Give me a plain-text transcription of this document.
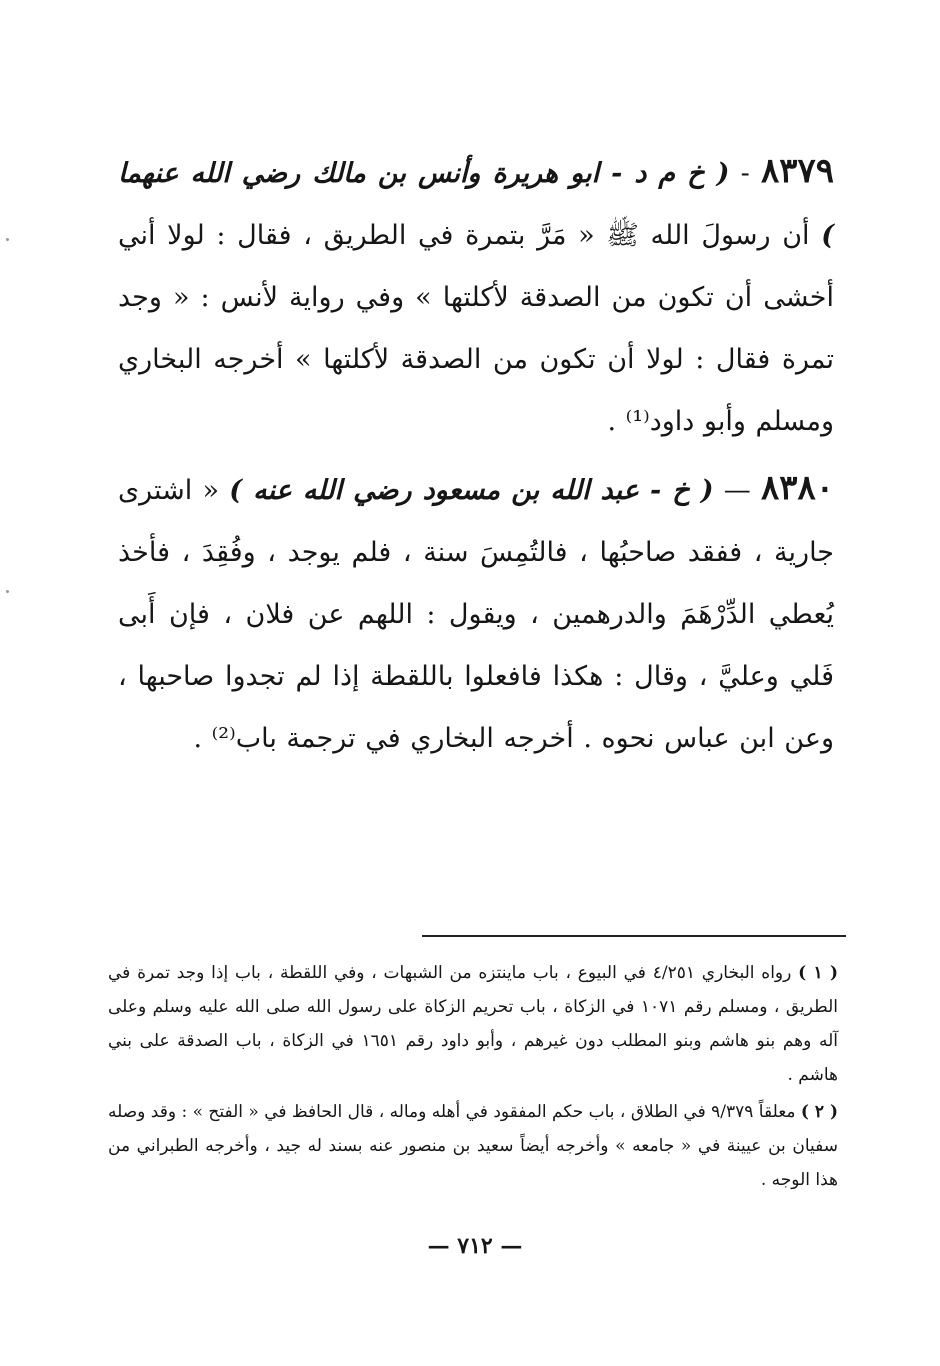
٨٣٧٩ - ( خ م د - ابو هريرة وأنس بن مالك رضي الله عنهما ) أن رسولَ الله ﷺ « مَرَّ بتمرة في الطريق ، فقال : لولا أني أخشى أن تكون من الصدقة لأكلتها » وفي رواية لأنس : « وجد تمرة فقال : لولا أن تكون من الصدقة لأكلتها » أخرجه البخاري ومسلم وأبو داود⁽¹⁾ .

٨٣٨٠ — ( خ - عبد الله بن مسعود رضي الله عنه ) « اشترى جارية ، ففقد صاحبُها ، فالتُمِسَ سنة ، فلم يوجد ، وفُقِدَ ، فأخذ يُعطي الدِّرْهَمَ والدرهمين ، ويقول : اللهم عن فلان ، فإن أَبى فَلي وعليَّ ، وقال : هكذا فافعلوا باللقطة إذا لم تجدوا صاحبها ، وعن ابن عباس نحوه . أخرجه البخاري في ترجمة باب⁽²⁾ .

( ١ ) رواه البخاري ٤/٢٥١ في البيوع ، باب ماينتزه من الشبهات ، وفي اللقطة ، باب إذا وجد تمرة في الطريق ، ومسلم رقم ١٠٧١ في الزكاة ، باب تحريم الزكاة على رسول الله صلى الله عليه وسلم وعلى آله وهم بنو هاشم وبنو المطلب دون غيرهم ، وأبو داود رقم ١٦٥١ في الزكاة ، باب الصدقة على بني هاشم .

( ٢ ) معلقاً ٩/٣٧٩ في الطلاق ، باب حكم المفقود في أهله وماله ، قال الحافظ في « الفتح » : وقد وصله سفيان بن عيينة في « جامعه » وأخرجه أيضاً سعيد بن منصور عنه بسند له جيد ، وأخرجه الطبراني من هذا الوجه .

— ٧١٢ —
